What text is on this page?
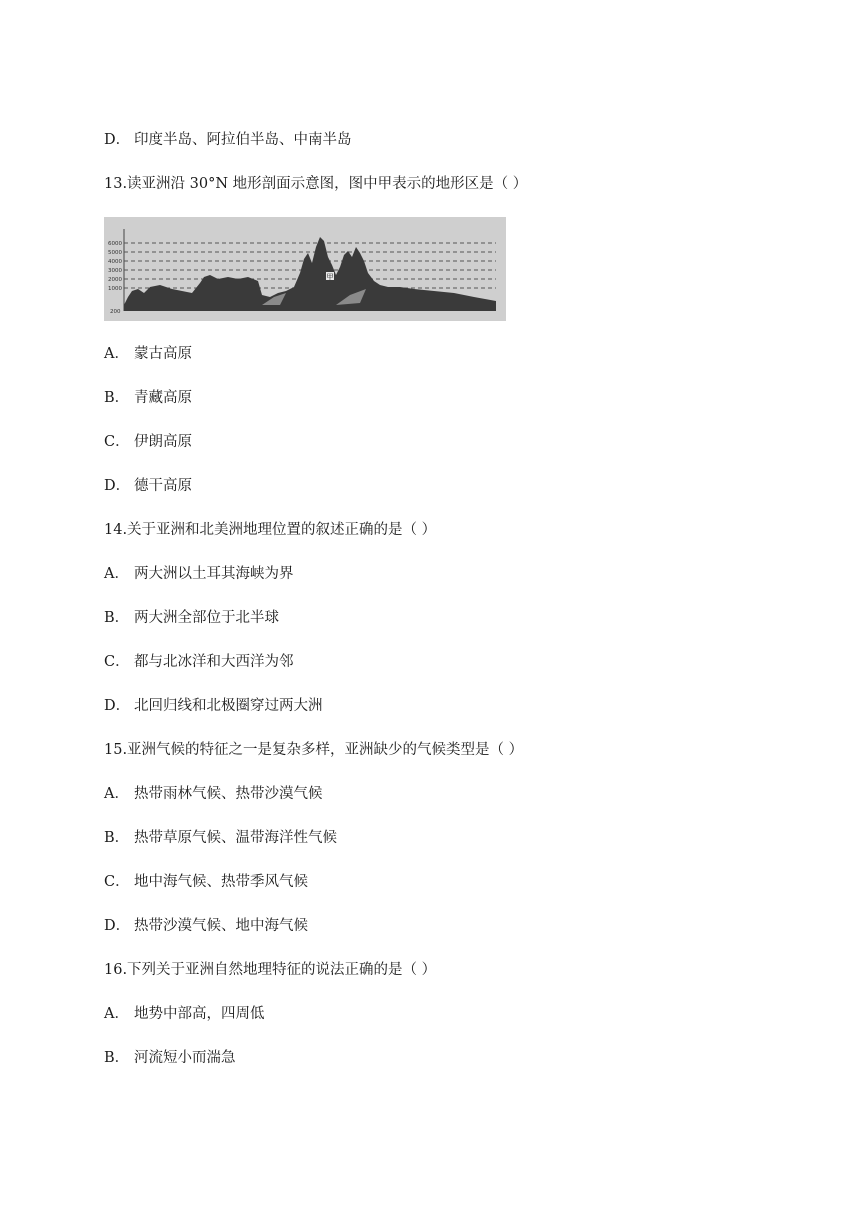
D． 印度半岛、阿拉伯半岛、中南半岛
13.读亚洲沿 30°N 地形剖面示意图，图中甲表示的地形区是（ ）
6000
5000
4000
3000
2000
1000
200
甲
A． 蒙古高原
B． 青藏高原
C． 伊朗高原
D． 德干高原
14.关于亚洲和北美洲地理位置的叙述正确的是（ ）
A． 两大洲以土耳其海峡为界
B． 两大洲全部位于北半球
C． 都与北冰洋和大西洋为邻
D． 北回归线和北极圈穿过两大洲
15.亚洲气候的特征之一是复杂多样，亚洲缺少的气候类型是（ ）
A． 热带雨林气候、热带沙漠气候
B． 热带草原气候、温带海洋性气候
C． 地中海气候、热带季风气候
D． 热带沙漠气候、地中海气候
16.下列关于亚洲自然地理特征的说法正确的是（ ）
A． 地势中部高，四周低
B． 河流短小而湍急
